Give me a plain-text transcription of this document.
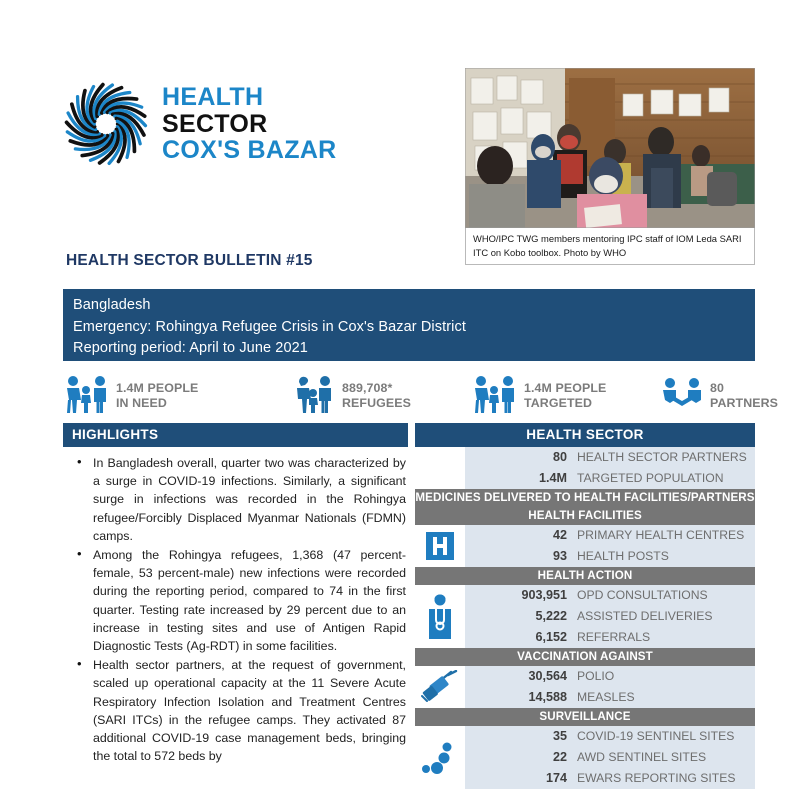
HEALTH
SECTOR
COX'S BAZAR
WHO/IPC TWG members mentoring IPC staff of IOM Leda SARI ITC on Kobo toolbox. Photo by WHO
HEALTH SECTOR BULLETIN #15
Bangladesh
Emergency: Rohingya Refugee Crisis in Cox's Bazar District
Reporting period: April to June 2021
1.4M PEOPLE
IN NEED
889,708*
REFUGEES
1.4M PEOPLE
TARGETED
80
PARTNERS
HIGHLIGHTS
• In Bangladesh overall, quarter two was characterized by a surge in COVID-19 infections. Similarly, a significant surge in infections was recorded in the Rohingya refugee/Forcibly Displaced Myanmar Nationals (FDMN) camps.
• Among the Rohingya refugees, 1,368 (47 percent-female, 53 percent-male) new infections were recorded during the reporting period, compared to 74 in the first quarter. Testing rate increased by 29 percent due to an increase in testing sites and use of Antigen Rapid Diagnostic Tests (Ag-RDT) in some facilities.
• Health sector partners, at the request of government, scaled up operational capacity at the 11 Severe Acute Respiratory Infection Isolation and Treatment Centres (SARI ITCs) in the refugee camps. They activated 87 additional COVID-19 case management beds, bringing the total to 572 beds by
HEALTH SECTOR
80 HEALTH SECTOR PARTNERS
1.4M TARGETED POPULATION
MEDICINES DELIVERED TO HEALTH FACILITIES/PARTNERS
HEALTH FACILITIES
42 PRIMARY HEALTH CENTRES
93 HEALTH POSTS
HEALTH ACTION
903,951 OPD CONSULTATIONS
5,222 ASSISTED DELIVERIES
6,152 REFERRALS
VACCINATION AGAINST
30,564 POLIO
14,588 MEASLES
SURVEILLANCE
35 COVID-19 SENTINEL SITES
22 AWD SENTINEL SITES
174 EWARS REPORTING SITES
